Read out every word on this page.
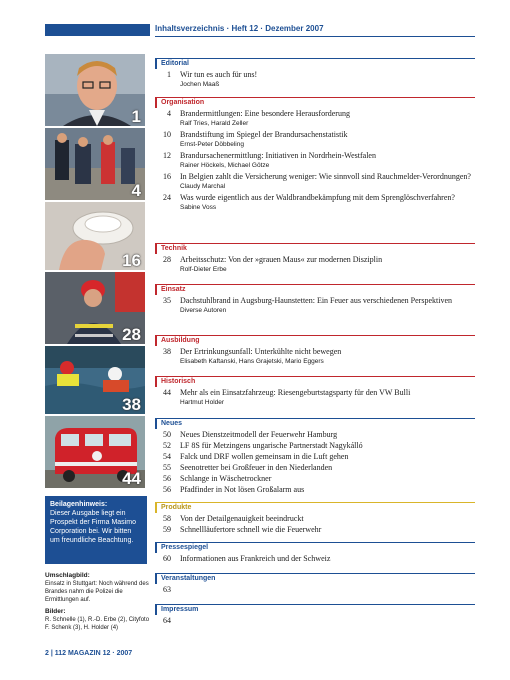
Inhaltsverzeichnis · Heft 12 · Dezember 2007
1
4
16
28
38
44
Editorial
1	Wir tun es auch für uns!
Jochen Maaß
Organisation
4	Brandermittlungen: Eine besondere Herausforderung
Ralf Tries, Harald Zeller
10	Brandstiftung im Spiegel der Brandursachenstatistik
Ernst-Peter Döbbeling
12	Brandursachenermittlung: Initiativen in Nordrhein-Westfalen
Rainer Höckels, Michael Götze
16	In Belgien zahlt die Versicherung weniger: Wie sinnvoll sind Rauchmelder-Verordnungen?
Claudy Marchal
24	Was wurde eigentlich aus der Waldbrandbekämpfung mit dem Sprenglöschverfahren?
Sabine Voss
Technik
28	Arbeitsschutz: Von der »grauen Maus« zur modernen Disziplin
Rolf-Dieter Erbe
Einsatz
35	Dachstuhlbrand in Augsburg-Haunstetten: Ein Feuer aus verschiedenen Perspektiven
Diverse Autoren
Ausbildung
38	Der Ertrinkungsunfall: Unterkühlte nicht bewegen
Elisabeth Kaftanski, Hans Grajetski, Mario Eggers
Historisch
44	Mehr als ein Einsatzfahrzeug: Riesengeburtstagsparty für den VW Bulli
Hartmut Holder
Neues
50	Neues Dienstzeitmodell der Feuerwehr Hamburg
52	LF 8S für Metzingens ungarische Partnerstadt Nagykálló
54	Falck und DRF wollen gemeinsam in die Luft gehen
55	Seenotretter bei Großfeuer in den Niederlanden
56	Schlange in Wäschetrockner
56	Pfadfinder in Not lösen Großalarm aus
Produkte
58	Von der Detailgenauigkeit beeindruckt
59	Schnellläufertore schnell wie die Feuerwehr
Pressespiegel
60	Informationen aus Frankreich und der Schweiz
Veranstaltungen
63
Impressum
64
Beilagenhinweis:
Dieser Ausgabe liegt ein Prospekt der Firma Masimo Corporation bei. Wir bitten um freundliche Beachtung.
Umschlagbild:
Einsatz in Stuttgart: Noch während des Brandes nahm die Polizei die Ermittlungen auf.
Bilder:
R. Schnelle (1), R.-D. Erbe (2), Cityfoto F. Schenk (3), H. Holder (4)
2 | 112 MAGAZIN 12 · 2007
